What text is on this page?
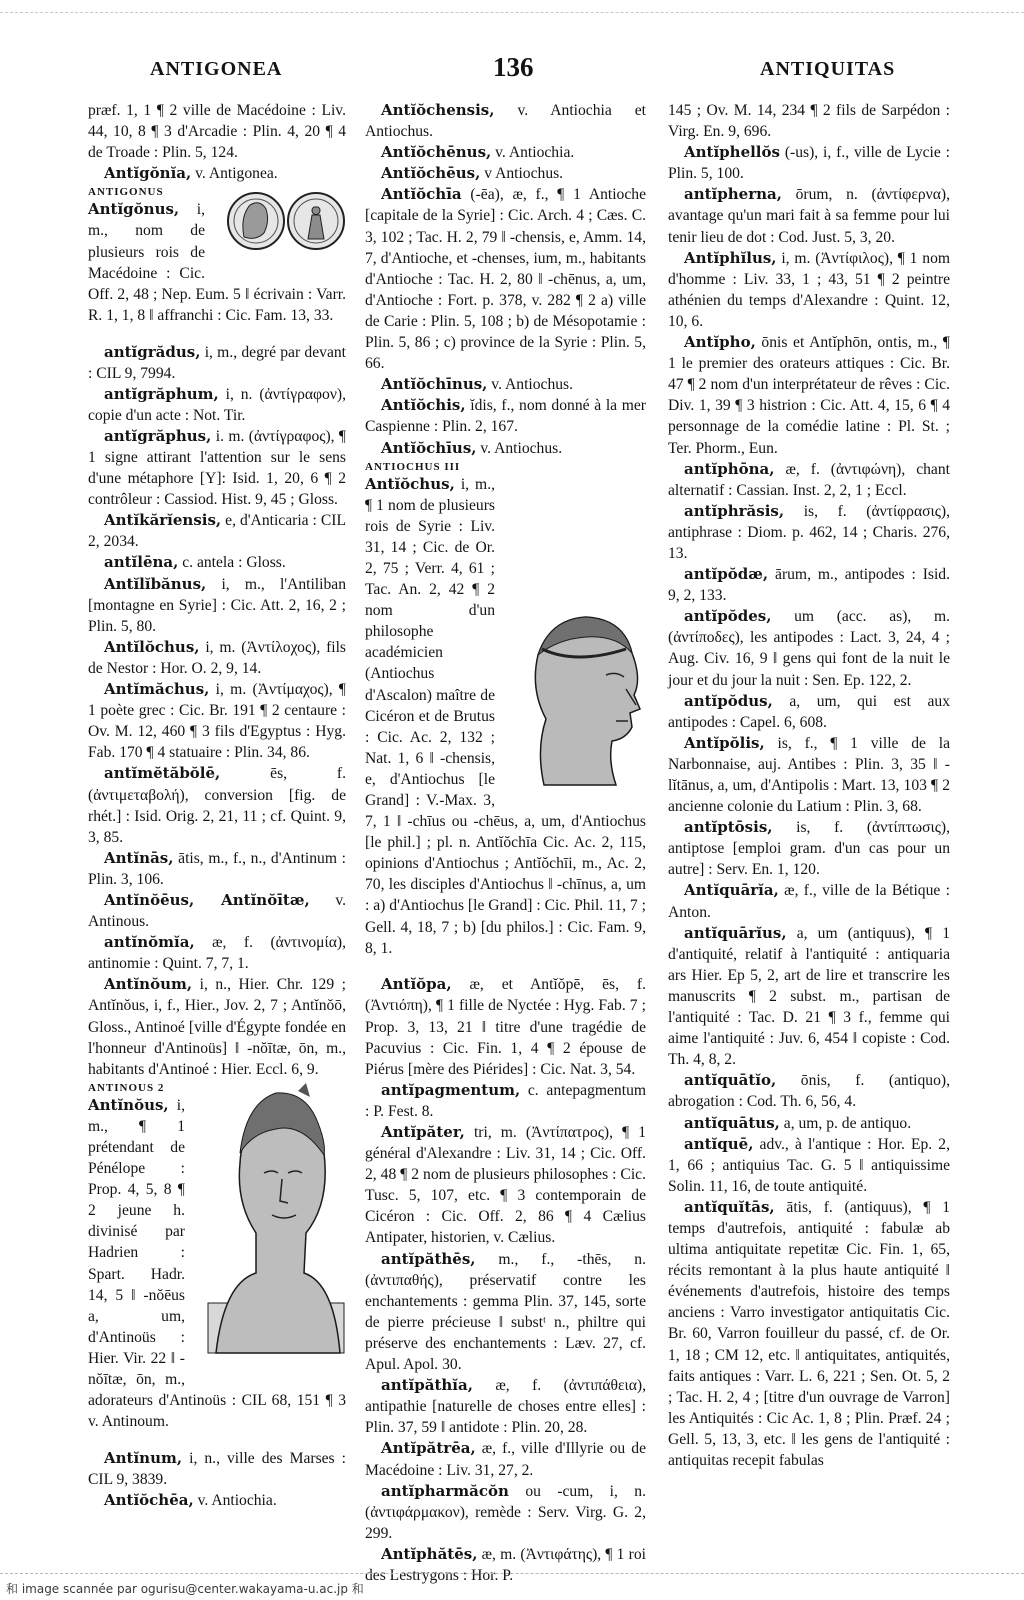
ANTIGONEA	136	ANTIQUITAS

præf. 1, 1 ¶ 2 ville de Macédoine : Liv. 44, 10, 8 ¶ 3 d'Arcadie : Plin. 4, 20 ¶ 4 de Troade : Plin. 5, 124.

Antĭgŏnĭa, v. Antigonea.

ANTIGONUS
Antĭgŏnus, i, m., nom de plusieurs rois de Macédoine : Cic. Off. 2, 48 ; Nep. Eum. 5 ‖ écrivain : Varr. R. 1, 1, 8 ‖ affranchi : Cic. Fam. 13, 33.

antĭgrădus, i, m., degré par devant : CIL 9, 7994.

antĭgrăphum, i, n. (ἀντίγραφον), copie d'un acte : Not. Tir.

antĭgrăphus, i. m. (ἀντίγραφος), ¶ 1 signe attirant l'attention sur le sens d'une métaphore [Y]: Isid. 1, 20, 6 ¶ 2 contrôleur : Cassiod. Hist. 9, 45 ; Gloss.

Antĭkărĭensis, e, d'Anticaria : CIL 2, 2034.

antĭlēna, c. antela : Gloss.

Antĭlĭbănus, i, m., l'Antiliban [montagne en Syrie] : Cic. Att. 2, 16, 2 ; Plin. 5, 80.

Antĭlŏchus, i, m. (Ἀντίλοχος), fils de Nestor : Hor. O. 2, 9, 14.

Antĭmăchus, i, m. (Ἀντίμαχος), ¶ 1 poète grec : Cic. Br. 191 ¶ 2 centaure : Ov. M. 12, 460 ¶ 3 fils d'Egyptus : Hyg. Fab. 170 ¶ 4 statuaire : Plin. 34, 86.

antĭmĕtăbŏlē, ēs, f. (ἀντιμεταβολή), conversion [fig. de rhét.] : Isid. Orig. 2, 21, 11 ; cf. Quint. 9, 3, 85.

Antĭnās, ātis, m., f., n., d'Antinum : Plin. 3, 106.

Antĭnŏēus, Antĭnŏītæ, v. Antinous.

antĭnŏmĭa, æ, f. (ἀντινομία), antinomie : Quint. 7, 7, 1.

Antĭnŏum, i, n., Hier. Chr. 129 ; Antĭnŏus, i, f., Hier., Jov. 2, 7 ; Antĭnŏō, Gloss., Antinoé [ville d'Égypte fondée en l'honneur d'Antinoüs] ‖ -nŏītæ, ōn, m., habitants d'Antinoé : Hier. Eccl. 6, 9.

ANTINOUS 2
Antĭnŏus, i, m., ¶ 1 prétendant de Pénélope : Prop. 4, 5, 8 ¶ 2 jeune h. divinisé par Hadrien : Spart. Hadr. 14, 5 ‖ -nŏēus a, um, d'Antinoüs : Hier. Vir. 22 ‖ -nŏītæ, ōn, m., adorateurs d'Antinoüs : CIL 68, 151 ¶ 3 v. Antinoum.

Antĭnum, i, n., ville des Marses : CIL 9, 3839.

Antĭŏchēa, v. Antiochia.

Antĭŏchensis, v. Antiochia et Antiochus.

Antĭŏchēnus, v. Antiochia.

Antĭŏchēus, v Antiochus.

Antĭŏchīa (-ēa), æ, f., ¶ 1 Antioche [capitale de la Syrie] : Cic. Arch. 4 ; Cæs. C. 3, 102 ; Tac. H. 2, 79 ‖ -chensis, e, Amm. 14, 7, d'Antioche, et -chenses, ium, m., habitants d'Antioche : Tac. H. 2, 80 ‖ -chēnus, a, um, d'Antioche : Fort. p. 378, v. 282 ¶ 2 a) ville de Carie : Plin. 5, 108 ; b) de Mésopotamie : Plin. 5, 86 ; c) province de la Syrie : Plin. 5, 66.

Antĭŏchīnus, v. Antiochus.

Antĭŏchis, ĭdis, f., nom donné à la mer Caspienne : Plin. 2, 167.

Antĭŏchīus, v. Antiochus.

ANTIOCHUS III
Antĭŏchus, i, m., ¶ 1 nom de plusieurs rois de Syrie : Liv. 31, 14 ; Cic. de Or. 2, 75 ; Verr. 4, 61 ; Tac. An. 2, 42 ¶ 2 nom d'un philosophe académicien (Antiochus d'Ascalon) maître de Cicéron et de Brutus : Cic. Ac. 2, 132 ; Nat. 1, 6 ‖ -chensis, e, d'Antiochus [le Grand] : V.-Max. 3, 7, 1 ‖ -chīus ou -chēus, a, um, d'Antiochus [le phil.] ; pl. n. Antĭŏchīa Cic. Ac. 2, 115, opinions d'Antiochus ; Antĭŏchīi, m., Ac. 2, 70, les disciples d'Antiochus ‖ -chīnus, a, um : a) d'Antiochus [le Grand] : Cic. Phil. 11, 7 ; Gell. 4, 18, 7 ; b) [du philos.] : Cic. Fam. 9, 8, 1.

Antĭŏpa, æ, et Antĭŏpē, ēs, f. (Ἀντιόπη), ¶ 1 fille de Nyctée : Hyg. Fab. 7 ; Prop. 3, 13, 21 ‖ titre d'une tragédie de Pacuvius : Cic. Fin. 1, 4 ¶ 2 épouse de Piérus [mère des Piérides] : Cic. Nat. 3, 54.

antĭpagmentum, c. antepagmentum : P. Fest. 8.

Antĭpăter, tri, m. (Ἀντίπατρος), ¶ 1 général d'Alexandre : Liv. 31, 14 ; Cic. Off. 2, 48 ¶ 2 nom de plusieurs philosophes : Cic. Tusc. 5, 107, etc. ¶ 3 contemporain de Cicéron : Cic. Off. 2, 86 ¶ 4 Cælius Antipater, historien, v. Cælius.

antĭpăthēs, m., f., -thēs, n. (ἀντιπαθής), préservatif contre les enchantements : gemma Plin. 37, 145, sorte de pierre précieuse ‖ substᵗ n., philtre qui préserve des enchantements : Læv. 27, cf. Apul. Apol. 30.

antĭpăthĭa, æ, f. (ἀντιπάθεια), antipathie [naturelle de choses entre elles] : Plin. 37, 59 ‖ antidote : Plin. 20, 28.

Antĭpătrēa, æ, f., ville d'Illyrie ou de Macédoine : Liv. 31, 27, 2.

antĭpharmăcŏn ou -cum, i, n. (ἀντιφάρμακον), remède : Serv. Virg. G. 2, 299.

Antĭphătēs, æ, m. (Ἀντιφάτης), ¶ 1 roi des Lestrygons : Hor. P.

145 ; Ov. M. 14, 234 ¶ 2 fils de Sarpédon : Virg. En. 9, 696.

Antĭphellŏs (-us), i, f., ville de Lycie : Plin. 5, 100.

antĭpherna, ōrum, n. (ἀντίφερνα), avantage qu'un mari fait à sa femme pour lui tenir lieu de dot : Cod. Just. 5, 3, 20.

Antĭphĭlus, i, m. (Ἀντίφιλος), ¶ 1 nom d'homme : Liv. 33, 1 ; 43, 51 ¶ 2 peintre athénien du temps d'Alexandre : Quint. 12, 10, 6.

Antĭpho, ōnis et Antĭphōn, ontis, m., ¶ 1 le premier des orateurs attiques : Cic. Br. 47 ¶ 2 nom d'un interprétateur de rêves : Cic. Div. 1, 39 ¶ 3 histrion : Cic. Att. 4, 15, 6 ¶ 4 personnage de la comédie latine : Pl. St. ; Ter. Phorm., Eun.

antĭphōna, æ, f. (ἀντιφώνη), chant alternatif : Cassian. Inst. 2, 2, 1 ; Eccl.

antĭphrăsis, is, f. (ἀντίφρασις), antiphrase : Diom. p. 462, 14 ; Charis. 276, 13.

antĭpŏdæ, ārum, m., antipodes : Isid. 9, 2, 133.

antĭpŏdes, um (acc. as), m. (ἀντίποδες), les antipodes : Lact. 3, 24, 4 ; Aug. Civ. 16, 9 ‖ gens qui font de la nuit le jour et du jour la nuit : Sen. Ep. 122, 2.

antĭpŏdus, a, um, qui est aux antipodes : Capel. 6, 608.

Antĭpŏlis, is, f., ¶ 1 ville de la Narbonnaise, auj. Antibes : Plin. 3, 35 ‖ -lĭtānus, a, um, d'Antipolis : Mart. 13, 103 ¶ 2 ancienne colonie du Latium : Plin. 3, 68.

antĭptōsis, is, f. (ἀντίπτωσις), antiptose [emploi gram. d'un cas pour un autre] : Serv. En. 1, 120.

Antĭquārĭa, æ, f., ville de la Bétique : Anton.

antĭquārĭus, a, um (antiquus), ¶ 1 d'antiquité, relatif à l'antiquité : antiquaria ars Hier. Ep 5, 2, art de lire et transcrire les manuscrits ¶ 2 subst. m., partisan de l'antiquité : Tac. D. 21 ¶ 3 f., femme qui aime l'antiquité : Juv. 6, 454 ‖ copiste : Cod. Th. 4, 8, 2.

antĭquātĭo, ōnis, f. (antiquo), abrogation : Cod. Th. 6, 56, 4.

antĭquātus, a, um, p. de antiquo.

antĭquē, adv., à l'antique : Hor. Ep. 2, 1, 66 ; antiquius Tac. G. 5 ‖ antiquissime Solin. 11, 16, de toute antiquité.

antĭquĭtās, ātis, f. (antiquus), ¶ 1 temps d'autrefois, antiquité : fabulæ ab ultima antiquitate repetitæ Cic. Fin. 1, 65, récits remontant à la plus haute antiquité ‖ événements d'autrefois, histoire des temps anciens : Varro investigator antiquitatis Cic. Br. 60, Varron fouilleur du passé, cf. de Or. 1, 18 ; CM 12, etc. ‖ antiquitates, antiquités, faits antiques : Varr. L. 6, 221 ; Sen. Ot. 5, 2 ; Tac. H. 2, 4 ; [titre d'un ouvrage de Varron] les Antiquités : Cic Ac. 1, 8 ; Plin. Præf. 24 ; Gell. 5, 13, 3, etc. ‖ les gens de l'antiquité : antiquitas recepit fabulas

和 image scannée par ogurisu@center.wakayama-u.ac.jp 和
